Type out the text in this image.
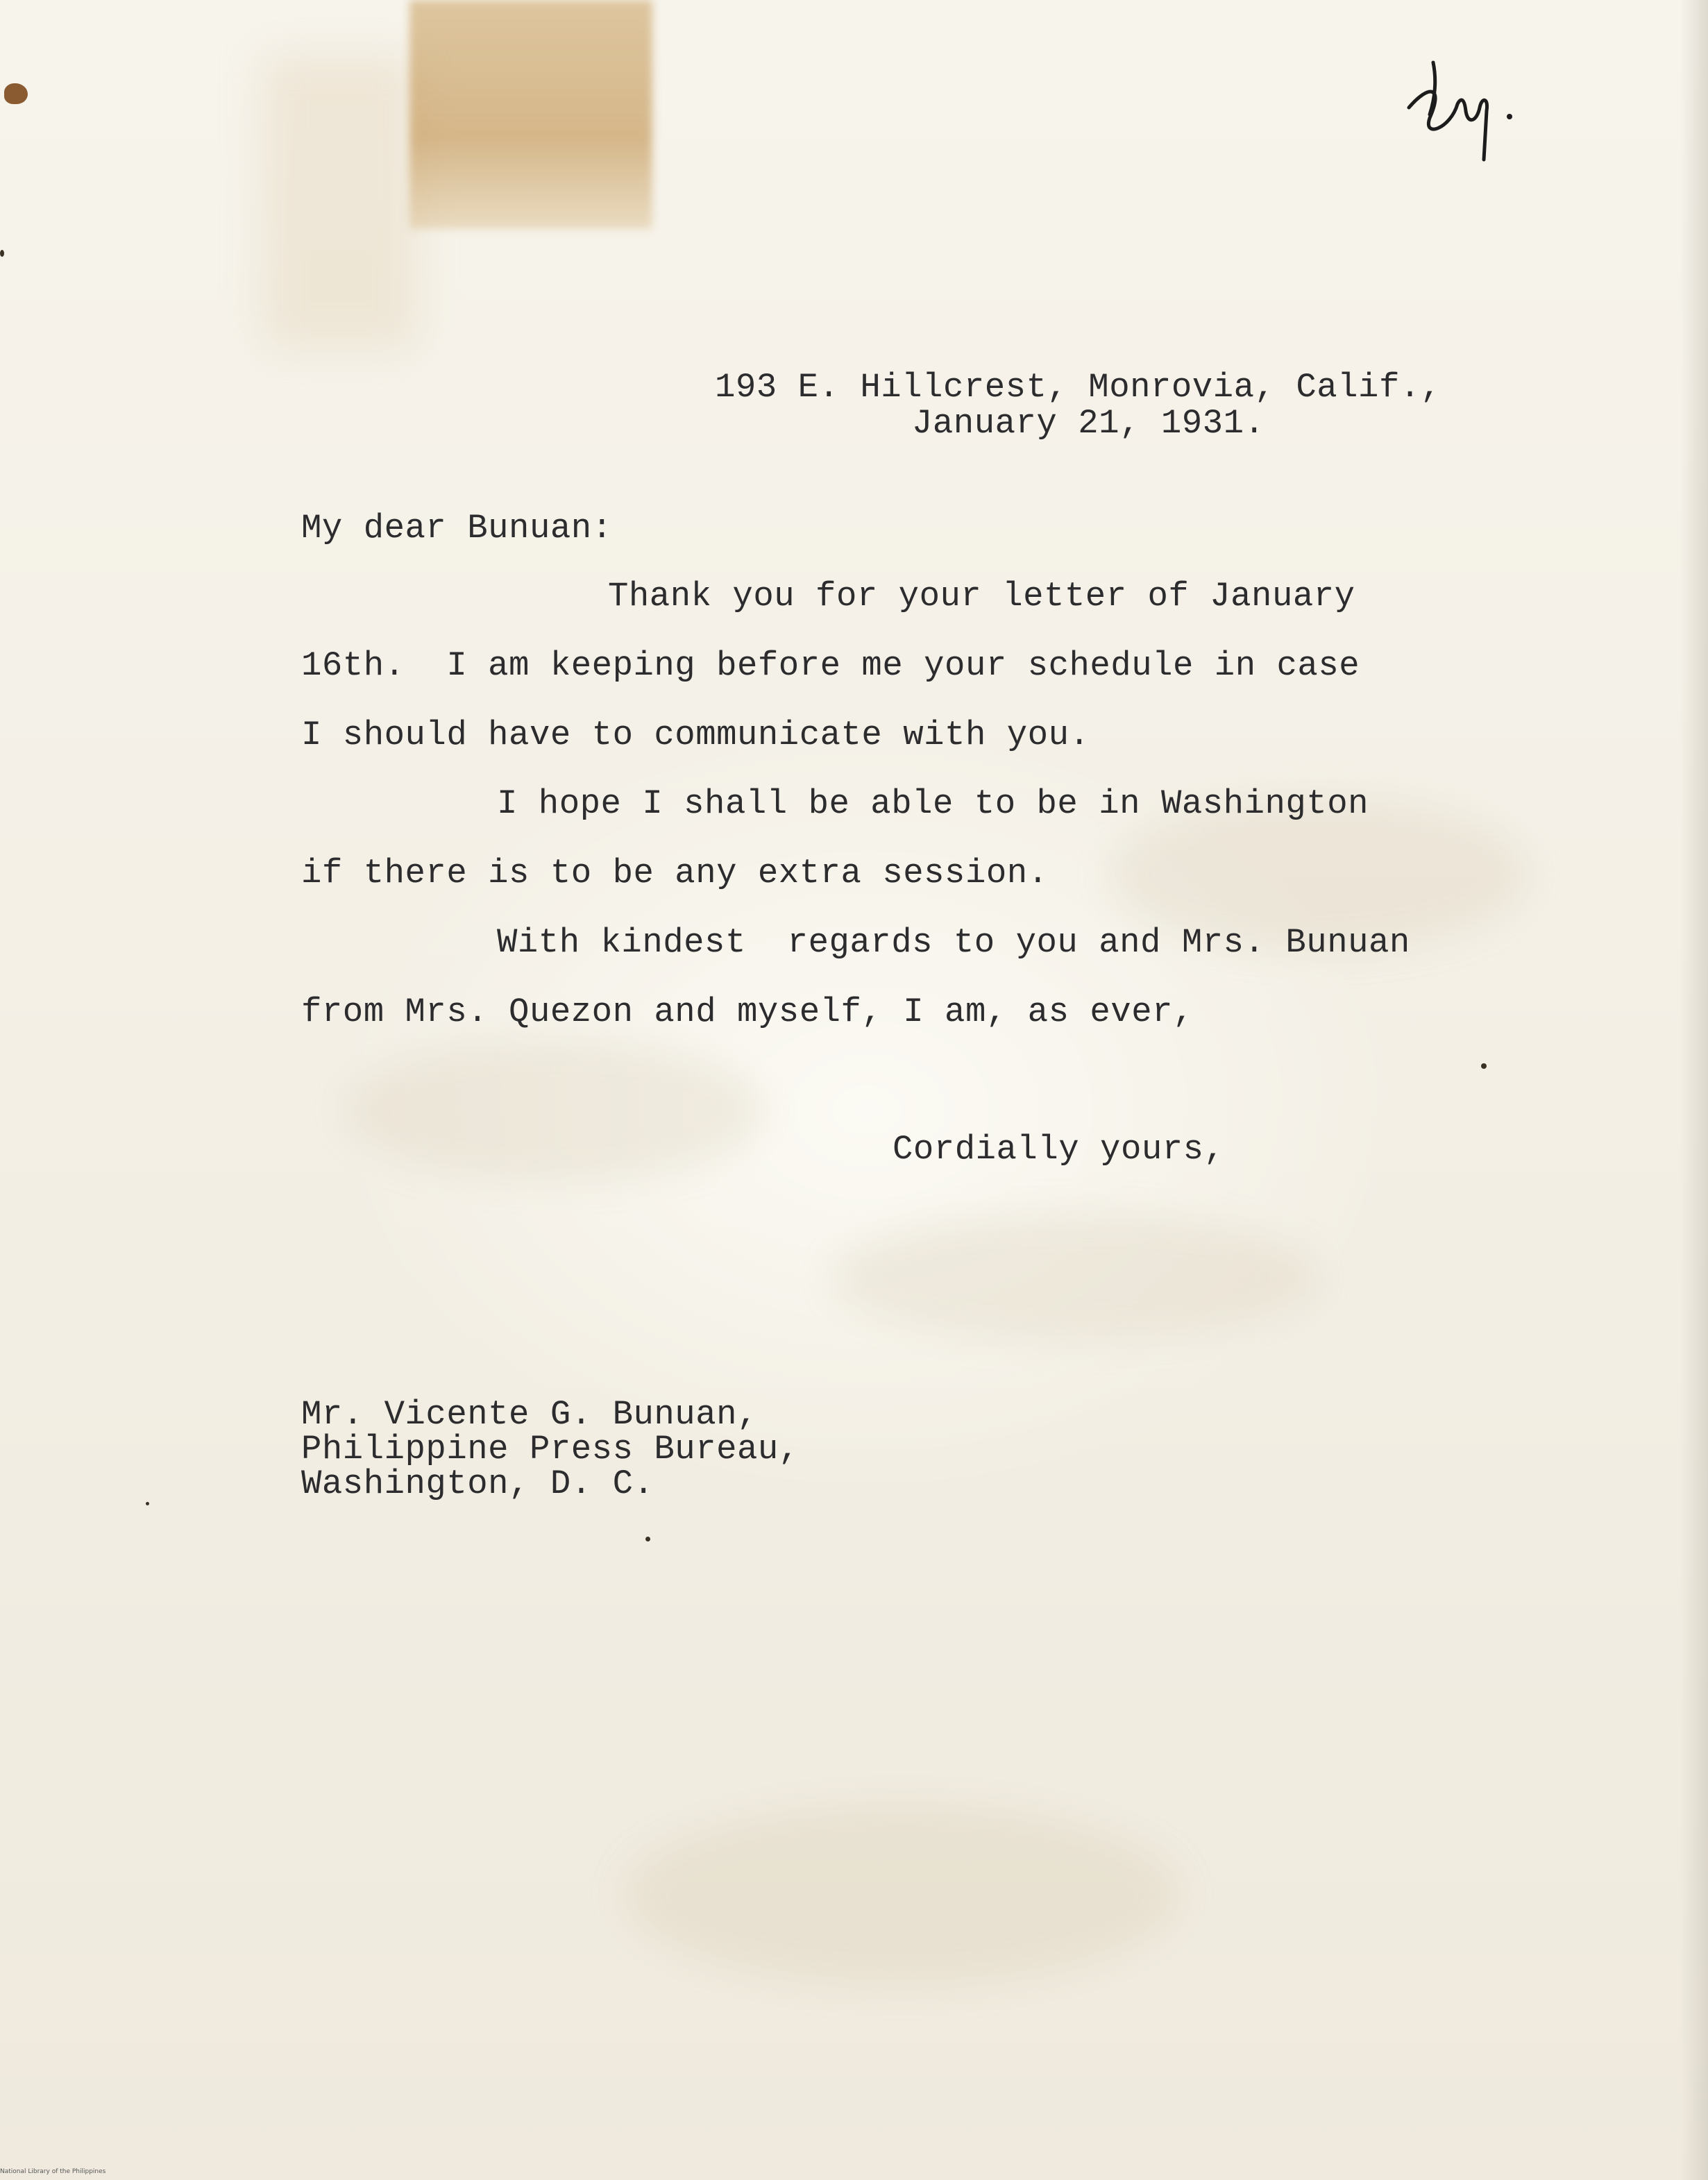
193 E. Hillcrest, Monrovia, Calif.,

January 21, 1931.

My dear Bunuan:

Thank you for your letter of January

16th.  I am keeping before me your schedule in case

I should have to communicate with you.

I hope I shall be able to be in Washington

if there is to be any extra session.

With kindest  regards to you and Mrs. Bunuan

from Mrs. Quezon and myself, I am, as ever,

Cordially yours,

Mr. Vicente G. Bunuan,

Philippine Press Bureau,

Washington, D. C.

National Library of the Philippines
